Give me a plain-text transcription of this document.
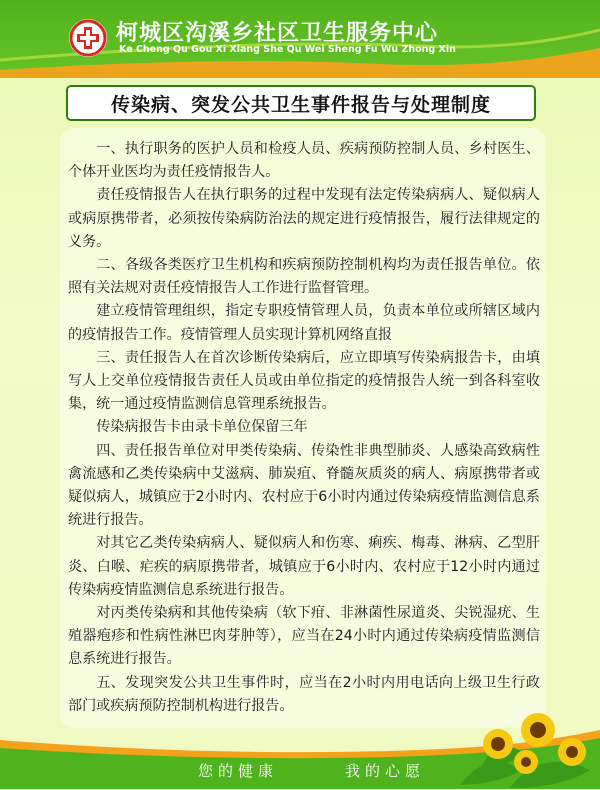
柯城区沟溪乡社区卫生服务中心
Ke Cheng Qu Gou Xi Xiang She Qu Wei Sheng Fu Wu Zhong Xin
传染病、突发公共卫生事件报告与处理制度

一、执行职务的医护人员和检疫人员、疾病预防控制人员、乡村医生、个体开业医均为责任疫情报告人。

责任疫情报告人在执行职务的过程中发现有法定传染病病人、疑似病人或病原携带者，必须按传染病防治法的规定进行疫情报告，履行法律规定的义务。

二、各级各类医疗卫生机构和疾病预防控制机构均为责任报告单位。依照有关法规对责任疫情报告人工作进行监督管理。

建立疫情管理组织，指定专职疫情管理人员，负责本单位或所辖区域内的疫情报告工作。疫情管理人员实现计算机网络直报

三、责任报告人在首次诊断传染病后，应立即填写传染病报告卡，由填写人上交单位疫情报告责任人员或由单位指定的疫情报告人统一到各科室收集，统一通过疫情监测信息管理系统报告。

传染病报告卡由录卡单位保留三年

四、责任报告单位对甲类传染病、传染性非典型肺炎、人感染高致病性禽流感和乙类传染病中艾滋病、肺炭疽、脊髓灰质炎的病人、病原携带者或疑似病人，城镇应于2小时内、农村应于6小时内通过传染病疫情监测信息系统进行报告。

对其它乙类传染病病人、疑似病人和伤寒、痢疾、梅毒、淋病、乙型肝炎、白喉、疟疾的病原携带者，城镇应于6小时内、农村应于12小时内通过传染病疫情监测信息系统进行报告。

对丙类传染病和其他传染病（软下疳、非淋菌性尿道炎、尖锐湿疣、生殖器疱疹和性病性淋巴肉芽肿等），应当在24小时内通过传染病疫情监测信息系统进行报告。

五、发现突发公共卫生事件时，应当在2小时内用电话向上级卫生行政部门或疾病预防控制机构进行报告。

您的健康	我的心愿
